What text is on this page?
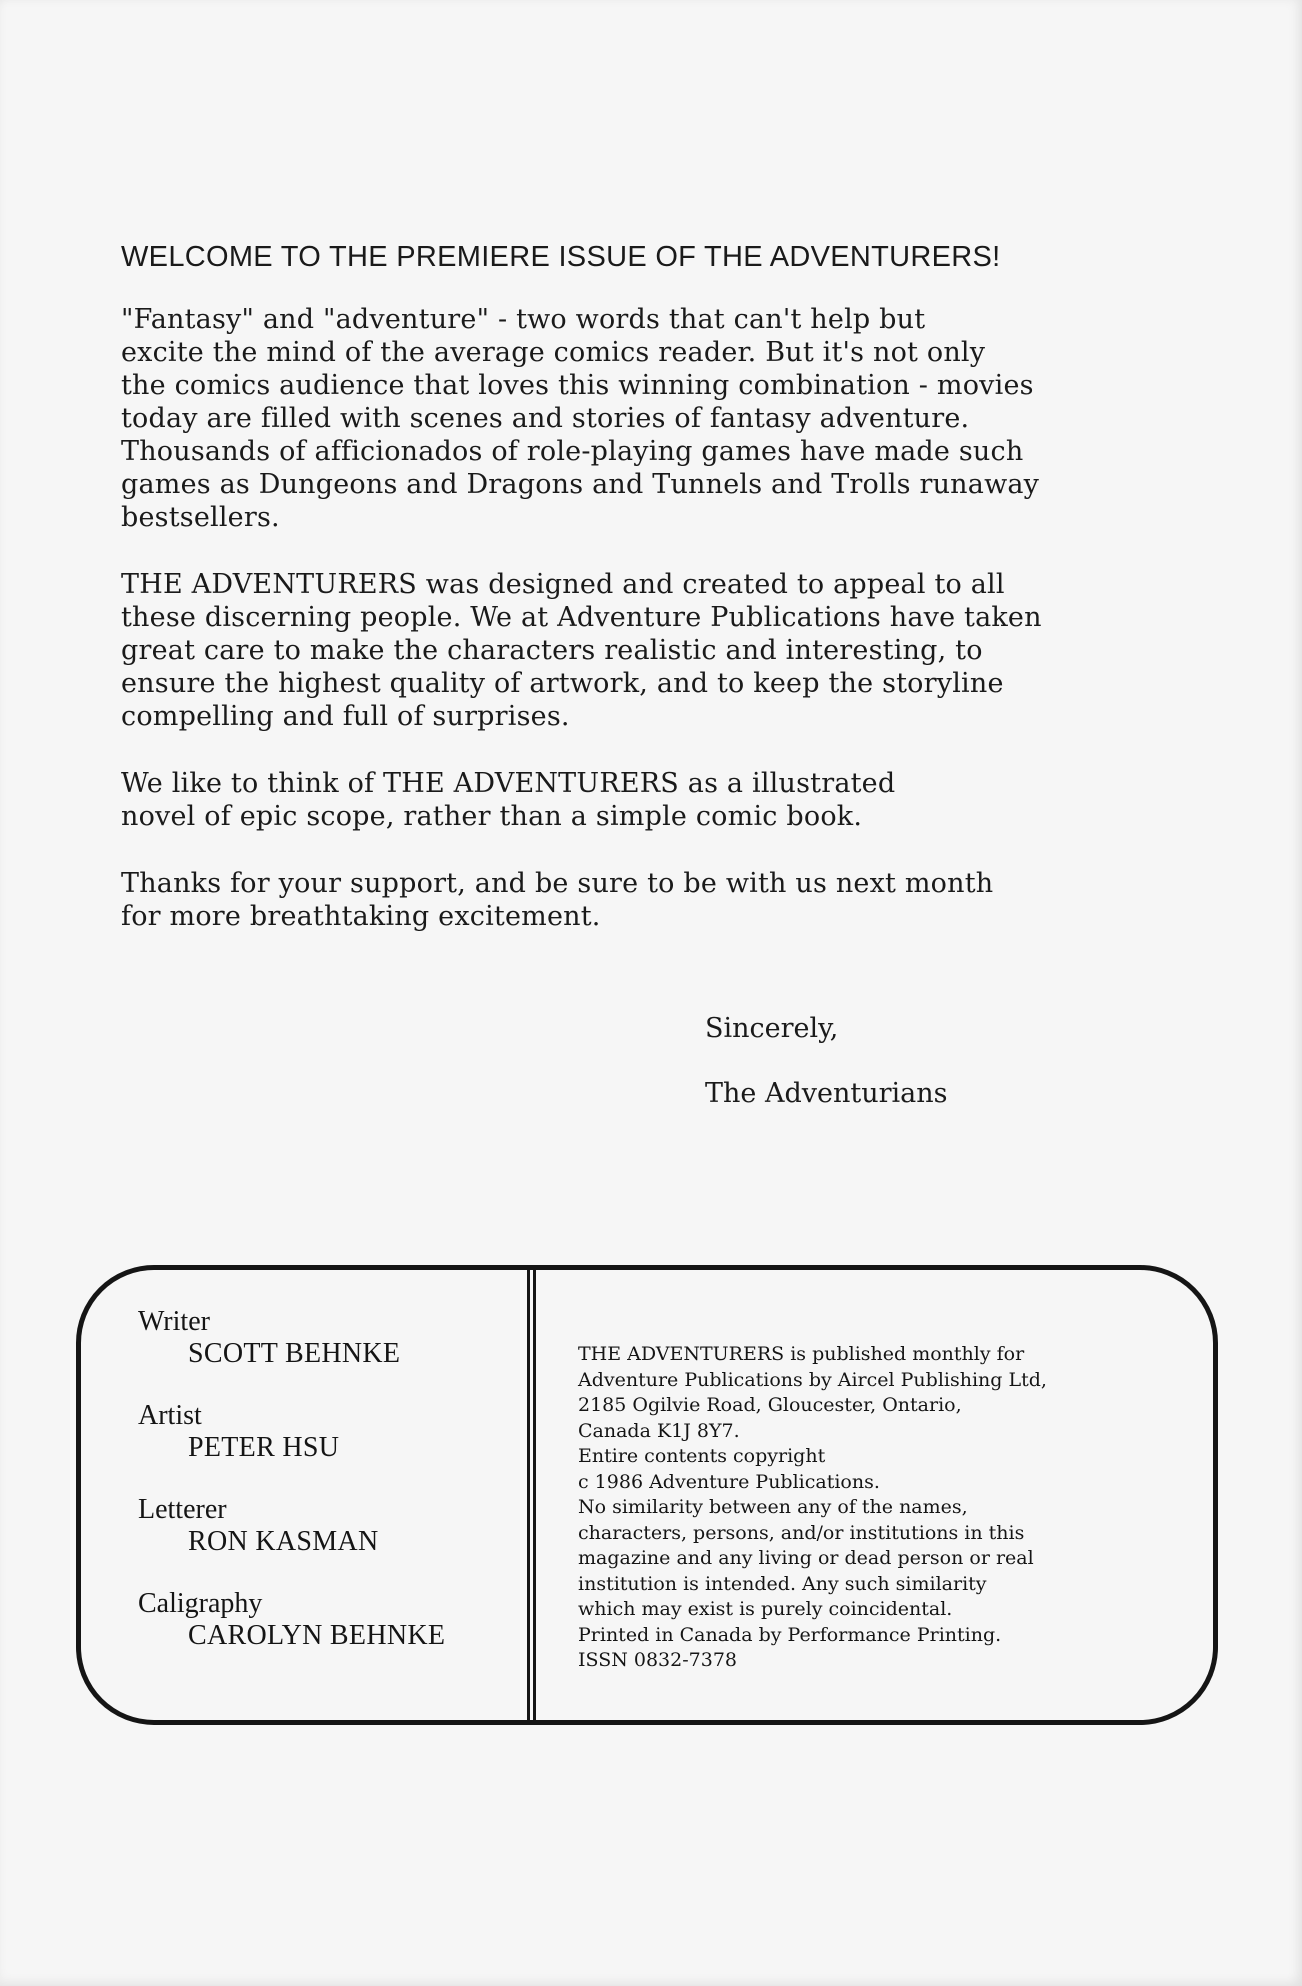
WELCOME TO THE PREMIERE ISSUE OF THE ADVENTURERS!

"Fantasy" and "adventure" - two words that can't help but
excite the mind of the average comics reader. But it's not only
the comics audience that loves this winning combination - movies
today are filled with scenes and stories of fantasy adventure.
Thousands of afficionados of role-playing games have made such
games as Dungeons and Dragons and Tunnels and Trolls runaway
bestsellers.

THE ADVENTURERS was designed and created to appeal to all
these discerning people. We at Adventure Publications have taken
great care to make the characters realistic and interesting, to
ensure the highest quality of artwork, and to keep the storyline
compelling and full of surprises.

We like to think of THE ADVENTURERS as a illustrated
novel of epic scope, rather than a simple comic book.

Thanks for your support, and be sure to be with us next month
for more breathtaking excitement.

Sincerely,
The Adventurians
Writer
SCOTT BEHNKE
Artist
PETER HSU
Letterer
RON KASMAN
Caligraphy
CAROLYN BEHNKE
THE ADVENTURERS is published monthly for
Adventure Publications by Aircel Publishing Ltd,
2185 Ogilvie Road, Gloucester, Ontario,
Canada K1J 8Y7.
Entire contents copyright
c 1986 Adventure Publications.
No similarity between any of the names,
characters, persons, and/or institutions in this
magazine and any living or dead person or real
institution is intended. Any such similarity
which may exist is purely coincidental.
Printed in Canada by Performance Printing.
ISSN 0832-7378
